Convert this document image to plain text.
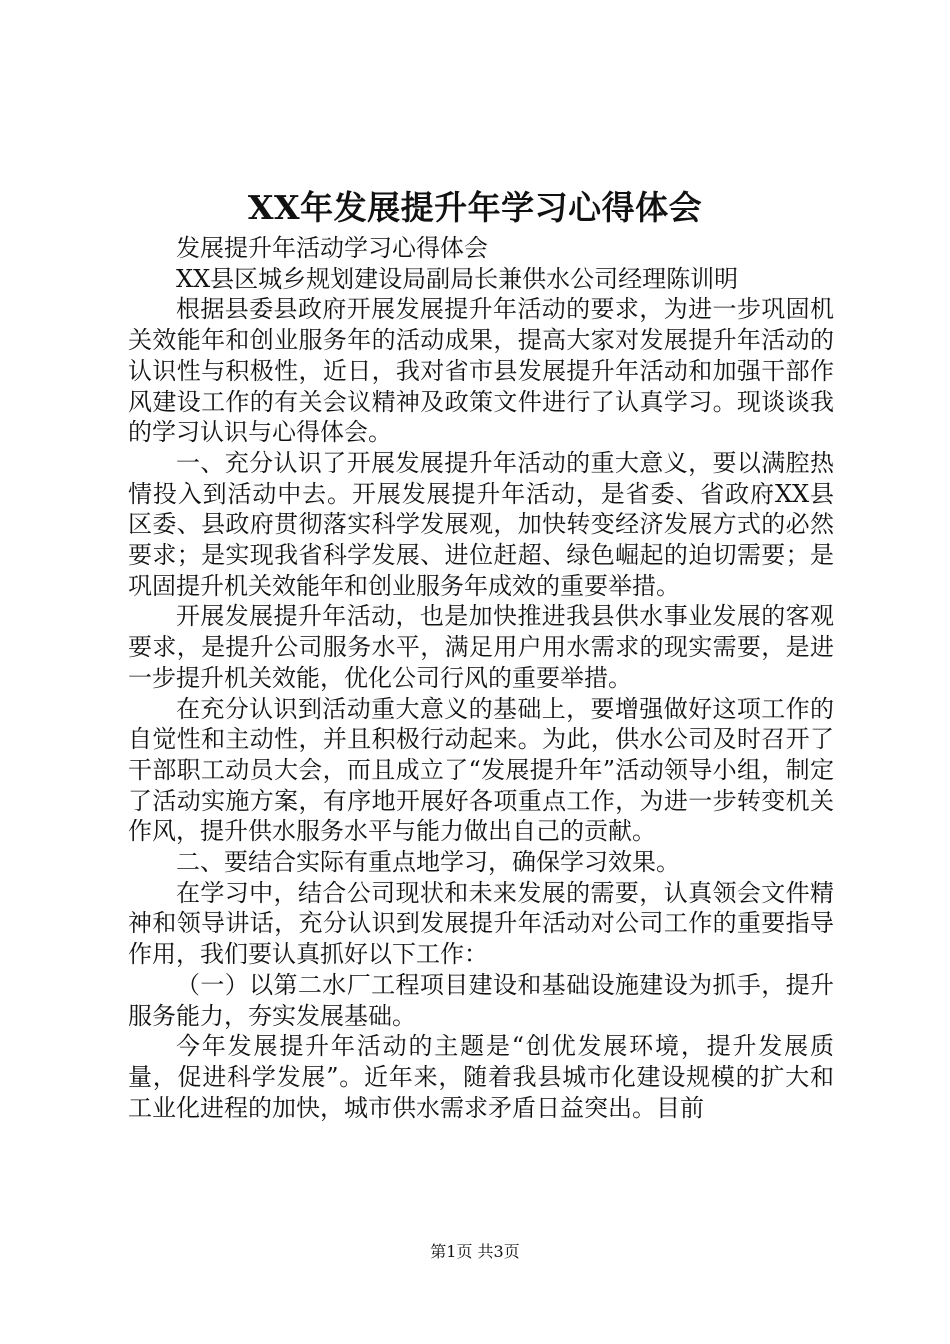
XX年发展提升年学习心得体会

发展提升年活动学习心得体会

XX县区城乡规划建设局副局长兼供水公司经理陈训明

根据县委县政府开展发展提升年活动的要求，为进一步巩固机关效能年和创业服务年的活动成果，提高大家对发展提升年活动的认识性与积极性，近日，我对省市县发展提升年活动和加强干部作风建设工作的有关会议精神及政策文件进行了认真学习。现谈谈我的学习认识与心得体会。

一、充分认识了开展发展提升年活动的重大意义，要以满腔热情投入到活动中去。开展发展提升年活动，是省委、省政府XX县区委、县政府贯彻落实科学发展观，加快转变经济发展方式的必然要求；是实现我省科学发展、进位赶超、绿色崛起的迫切需要；是巩固提升机关效能年和创业服务年成效的重要举措。

开展发展提升年活动，也是加快推进我县供水事业发展的客观要求，是提升公司服务水平，满足用户用水需求的现实需要，是进一步提升机关效能，优化公司行风的重要举措。

在充分认识到活动重大意义的基础上，要增强做好这项工作的自觉性和主动性，并且积极行动起来。为此，供水公司及时召开了干部职工动员大会，而且成立了“发展提升年”活动领导小组，制定了活动实施方案，有序地开展好各项重点工作，为进一步转变机关作风，提升供水服务水平与能力做出自己的贡献。

二、要结合实际有重点地学习，确保学习效果。

在学习中，结合公司现状和未来发展的需要，认真领会文件精神和领导讲话，充分认识到发展提升年活动对公司工作的重要指导作用，我们要认真抓好以下工作：

（一）以第二水厂工程项目建设和基础设施建设为抓手，提升服务能力，夯实发展基础。

今年发展提升年活动的主题是“创优发展环境，提升发展质量，促进科学发展”。近年来，随着我县城市化建设规模的扩大和工业化进程的加快，城市供水需求矛盾日益突出。目前

第1页 共3页
